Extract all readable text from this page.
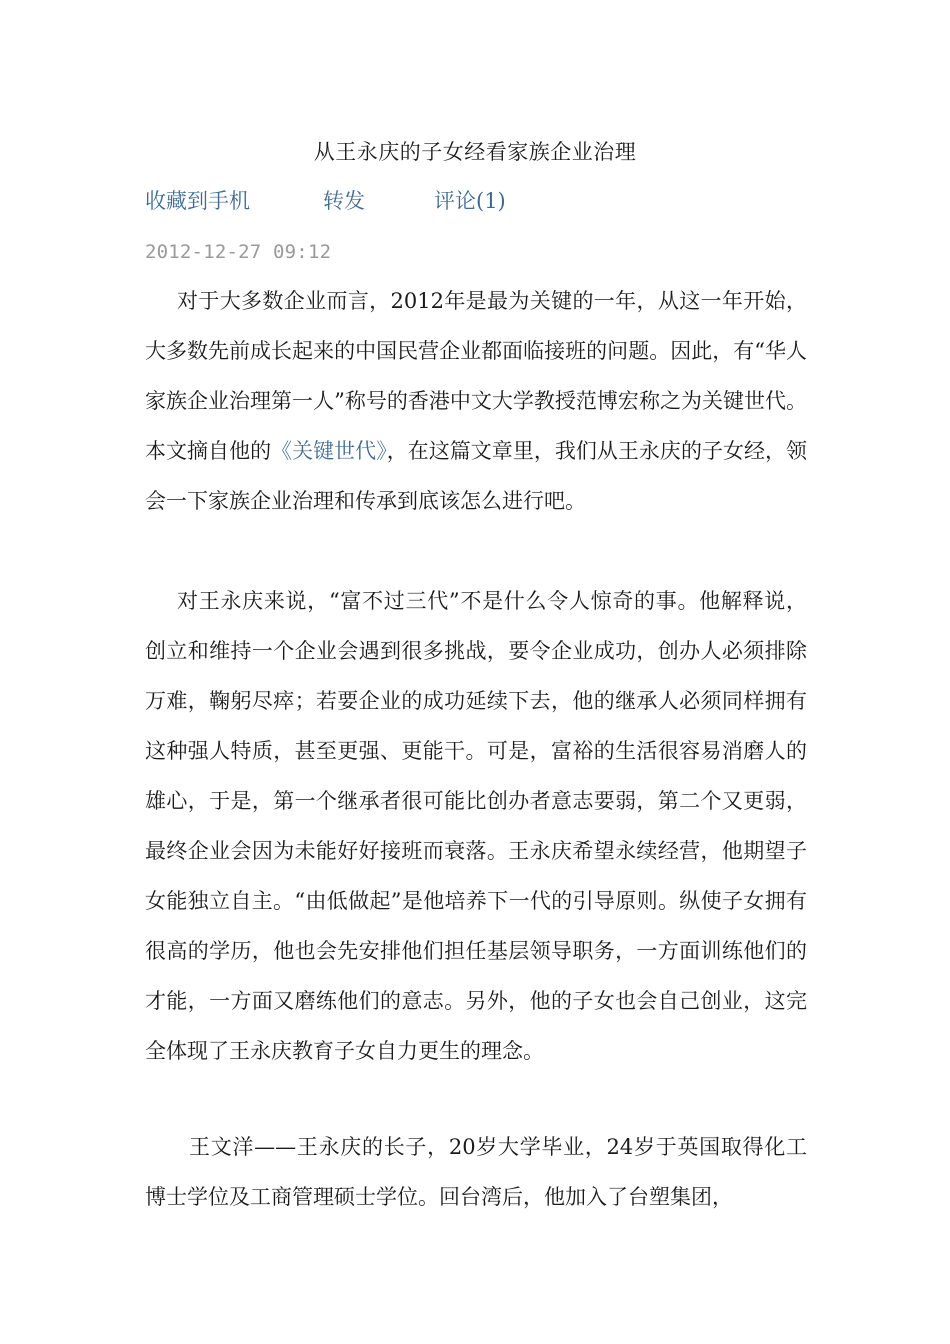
从王永庆的子女经看家族企业治理
收藏到手机	转发	评论(1)
2012-12-27 09:12

对于大多数企业而言，2012年是最为关键的一年，从这一年开始，大多数先前成长起来的中国民营企业都面临接班的问题。因此，有“华人家族企业治理第一人”称号的香港中文大学教授范博宏称之为关键世代。本文摘自他的《关键世代》，在这篇文章里，我们从王永庆的子女经，领会一下家族企业治理和传承到底该怎么进行吧。

对王永庆来说，“富不过三代”不是什么令人惊奇的事。他解释说，创立和维持一个企业会遇到很多挑战，要令企业成功，创办人必须排除万难，鞠躬尽瘁；若要企业的成功延续下去，他的继承人必须同样拥有这种强人特质，甚至更强、更能干。可是，富裕的生活很容易消磨人的雄心，于是，第一个继承者很可能比创办者意志要弱，第二个又更弱，最终企业会因为未能好好接班而衰落。王永庆希望永续经营，他期望子女能独立自主。“由低做起”是他培养下一代的引导原则。纵使子女拥有很高的学历，他也会先安排他们担任基层领导职务，一方面训练他们的才能，一方面又磨练他们的意志。另外，他的子女也会自己创业，这完全体现了王永庆教育子女自力更生的理念。

王文洋——王永庆的长子，20岁大学毕业，24岁于英国取得化工博士学位及工商管理硕士学位。回台湾后，他加入了台塑集团，
